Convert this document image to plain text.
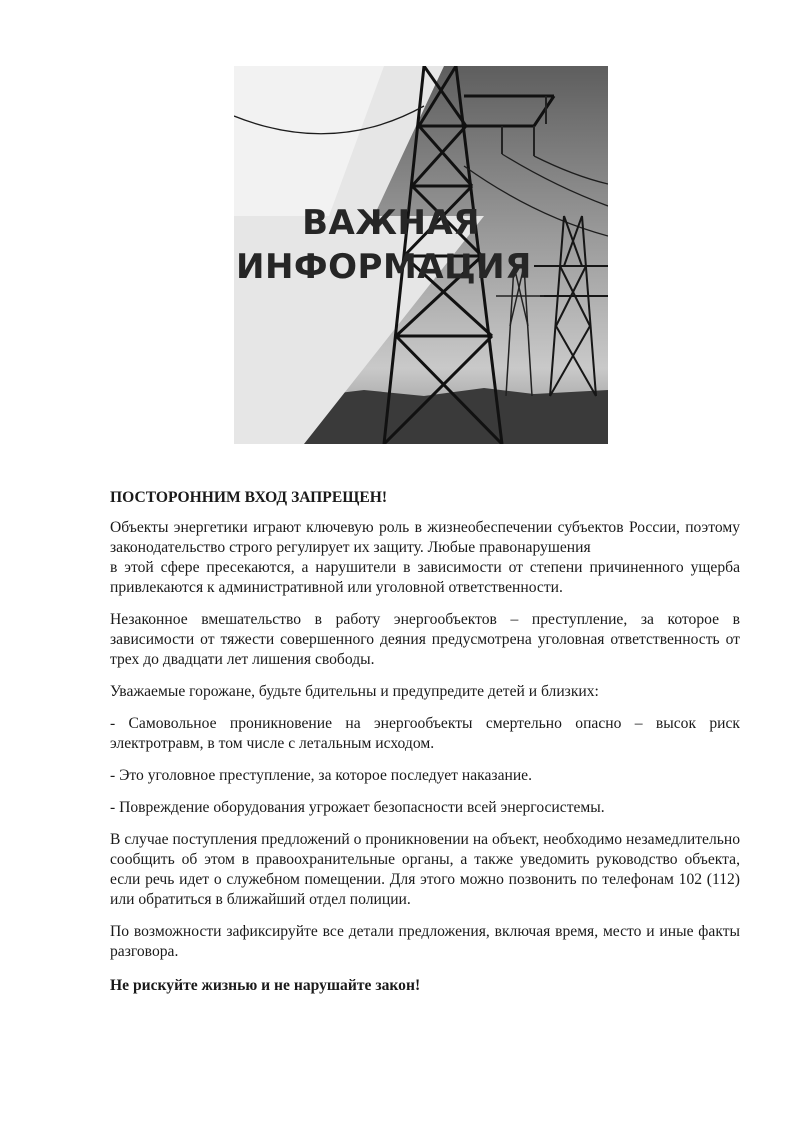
ВАЖНАЯ
ИНФОРМАЦИЯ

ПОСТОРОННИМ ВХОД ЗАПРЕЩЕН!

Объекты энергетики играют ключевую роль в жизнеобеспечении субъектов России, поэтому законодательство строго регулирует их защиту. Любые правонарушения
в этой сфере пресекаются, а нарушители в зависимости от степени причиненного ущерба привлекаются к административной или уголовной ответственности.

Незаконное вмешательство в работу энергообъектов – преступление, за которое в зависимости от тяжести совершенного деяния предусмотрена уголовная ответственность от трех до двадцати лет лишения свободы.

Уважаемые горожане, будьте бдительны и предупредите детей и близких:

- Самовольное проникновение на энергообъекты смертельно опасно – высок риск электротравм, в том числе с летальным исходом.

- Это уголовное преступление, за которое последует наказание.

- Повреждение оборудования угрожает безопасности всей энергосистемы.

В случае поступления предложений о проникновении на объект, необходимо незамедлительно сообщить об этом в правоохранительные органы, а также уведомить руководство объекта, если речь идет о служебном помещении. Для этого можно позвонить по телефонам 102 (112) или обратиться в ближайший отдел полиции.

По возможности зафиксируйте все детали предложения, включая время, место и иные факты разговора.

Не рискуйте жизнью и не нарушайте закон!
